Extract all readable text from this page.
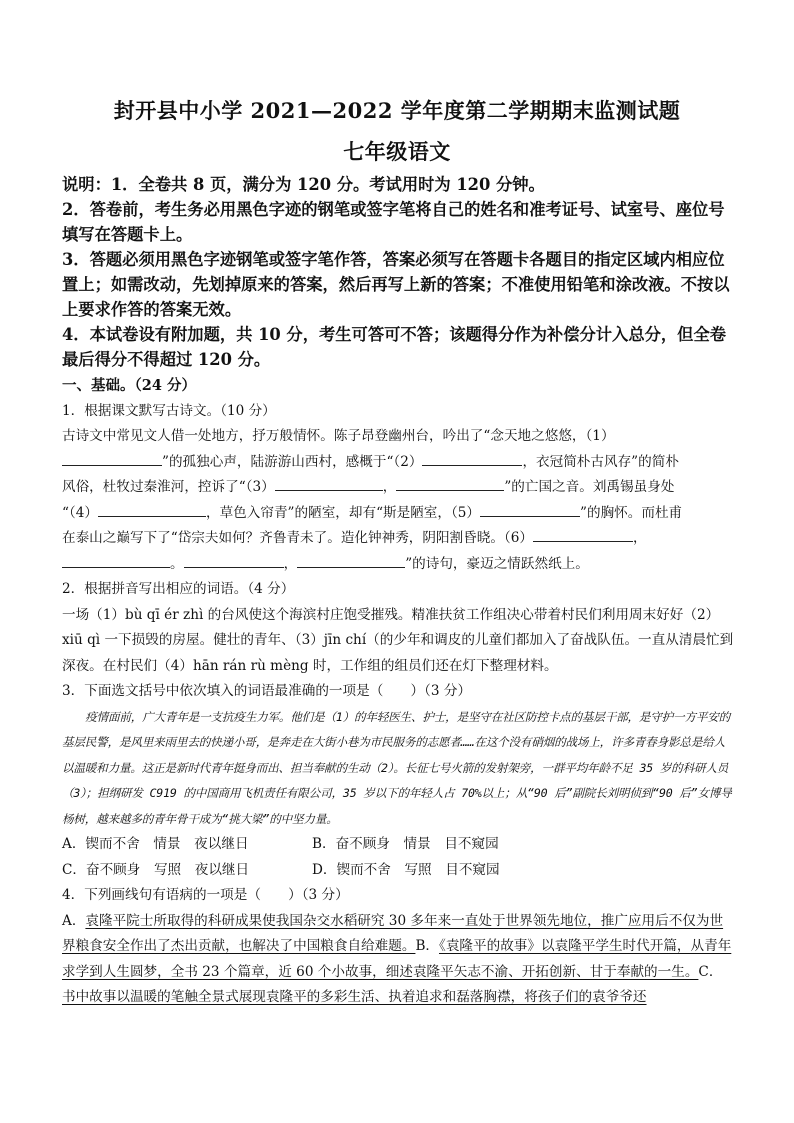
封开县中小学 2021—2022 学年度第二学期期末监测试题
七年级语文

说明：1．全卷共 8 页，满分为 120 分。考试用时为 120 分钟。

2．答卷前，考生务必用黑色字迹的钢笔或签字笔将自己的姓名和准考证号、试室号、座位号填写在答题卡上。

3．答题必须用黑色字迹钢笔或签字笔作答，答案必须写在答题卡各题目的指定区域内相应位置上；如需改动，先划掉原来的答案，然后再写上新的答案；不准使用铅笔和涂改液。不按以上要求作答的答案无效。

4．本试卷设有附加题，共 10 分，考生可答可不答；该题得分作为补偿分计入总分，但全卷最后得分不得超过 120 分。

一、基础。（24 分）

1．根据课文默写古诗文。（10 分）

古诗文中常见文人借一处地方，抒万般情怀。陈子昂登幽州台，吟出了“念天地之悠悠，（1）
”的孤独心声，陆游游山西村，感概于“（2）	，衣冠简朴古风存”的简朴
风俗，杜牧过秦淮河，控诉了“（3）	，	”的亡国之音。刘禹锡虽身处
“（4）	，草色入帘青”的陋室，却有“斯是陋室，（5）	”的胸怀。而杜甫
在泰山之巅写下了“岱宗夫如何？齐鲁青未了。造化钟神秀，阴阳割昏晓。（6）	，
。	，	”的诗句，豪迈之情跃然纸上。

2．根据拼音写出相应的词语。（4 分）

一场（1）bù qī ér zhì 的台风使这个海滨村庄饱受摧残。精准扶贫工作组决心带着村民们利用周末好好（2）xiū qì 一下损毁的房屋。健壮的青年、（3）jīn chí（的少年和调皮的儿童们都加入了奋战队伍。一直从清晨忙到深夜。在村民们（4）hān rán rù mèng 时，工作组的组员们还在灯下整理材料。

3．下面选文括号中依次填入的词语最准确的一项是（　　）（3 分）

疫情面前，广大青年是一支抗疫生力军。他们是（1）的年轻医生、护士，是坚守在社区防控卡点的基层干部，是守护一方平安的基层民警，是风里来雨里去的快递小哥，是奔走在大街小巷为市民服务的志愿者……在这个没有硝烟的战场上，许多青春身影总是给人以温暖和力量。这正是新时代青年挺身而出、担当奉献的生动（2）。长征七号火箭的发射架旁，一群平均年龄不足 35 岁的科研人员（3）；担纲研发 C919 的中国商用飞机责任有限公司，35 岁以下的年轻人占 70%以上；从“90 后”副院长刘明侦到“90 后”女博导杨树，越来越多的青年骨干成为“挑大梁”的中坚力量。

A．锲而不舍　情景　夜以继日	B．奋不顾身　情景　目不窥园
C．奋不顾身　写照　夜以继日	D．锲而不舍　写照　目不窥园

4．下列画线句有语病的一项是（　　）（3 分）

A．袁隆平院士所取得的科研成果使我国杂交水稻研究 30 多年来一直处于世界领先地位，推广应用后不仅为世界粮食安全作出了杰出贡献，也解决了中国粮食自给难题。B．《袁隆平的故事》以袁隆平学生时代开篇，从青年求学到人生圆梦，全书 23 个篇章，近 60 个小故事，细述袁隆平矢志不渝、开拓创新、甘于奉献的一生。C．书中故事以温暖的笔触全景式展现袁隆平的多彩生活、执着追求和磊落胸襟，将孩子们的袁爷爷还
